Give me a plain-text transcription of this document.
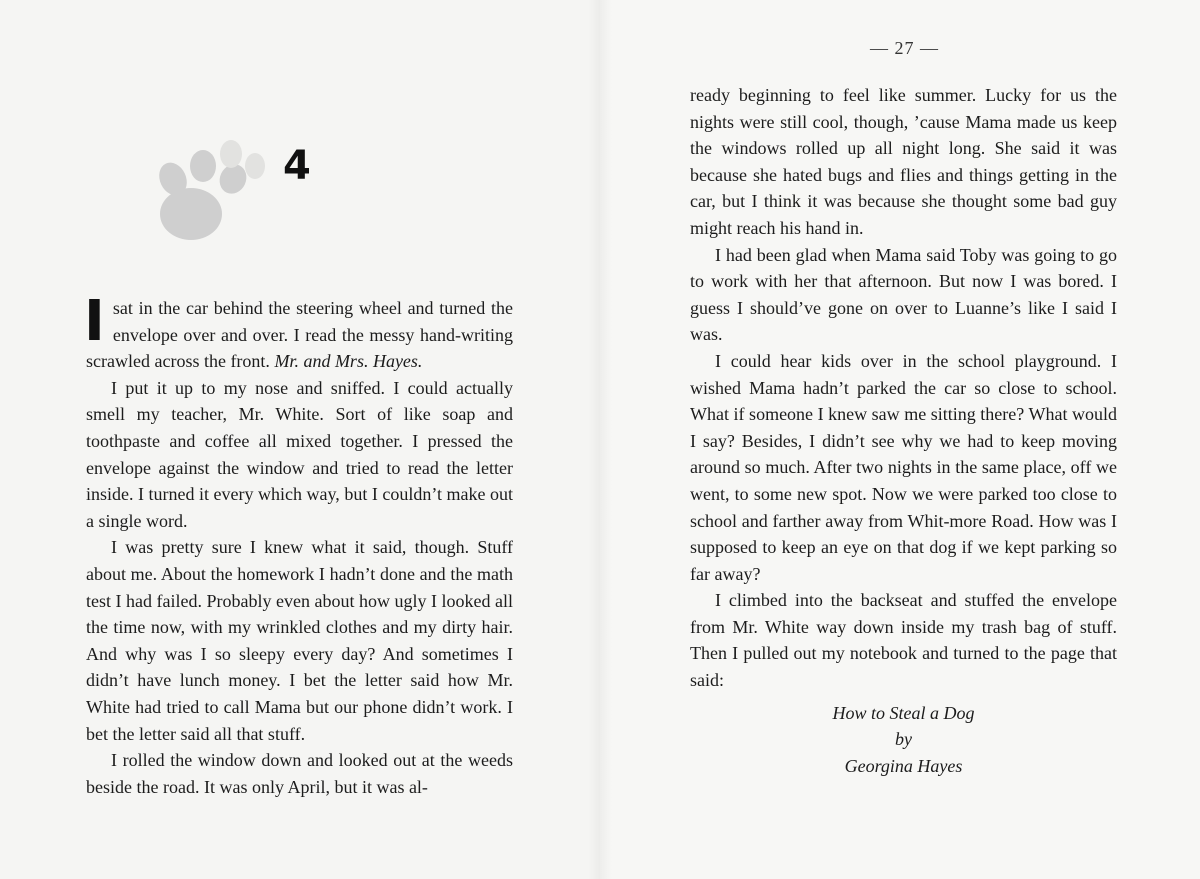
4

Isat in the car behind the steering wheel and turned the envelope over and over. I read the messy hand-writing scrawled across the front. Mr. and Mrs. Hayes.

I put it up to my nose and sniffed. I could actually smell my teacher, Mr. White. Sort of like soap and toothpaste and coffee all mixed together. I pressed the envelope against the window and tried to read the letter inside. I turned it every which way, but I couldn’t make out a single word.

I was pretty sure I knew what it said, though. Stuff about me. About the homework I hadn’t done and the math test I had failed. Probably even about how ugly I looked all the time now, with my wrinkled clothes and my dirty hair. And why was I so sleepy every day? And sometimes I didn’t have lunch money. I bet the letter said how Mr. White had tried to call Mama but our phone didn’t work. I bet the letter said all that stuff.

I rolled the window down and looked out at the weeds beside the road. It was only April, but it was al-

— 27 —

ready beginning to feel like summer. Lucky for us the nights were still cool, though, ’cause Mama made us keep the windows rolled up all night long. She said it was because she hated bugs and flies and things getting in the car, but I think it was because she thought some bad guy might reach his hand in.

I had been glad when Mama said Toby was going to go to work with her that afternoon. But now I was bored. I guess I should’ve gone on over to Luanne’s like I said I was.

I could hear kids over in the school playground. I wished Mama hadn’t parked the car so close to school. What if someone I knew saw me sitting there? What would I say? Besides, I didn’t see why we had to keep moving around so much. After two nights in the same place, off we went, to some new spot. Now we were parked too close to school and farther away from Whit-more Road. How was I supposed to keep an eye on that dog if we kept parking so far away?

I climbed into the backseat and stuffed the envelope from Mr. White way down inside my trash bag of stuff. Then I pulled out my notebook and turned to the page that said:

How to Steal a Dog

by

Georgina Hayes
